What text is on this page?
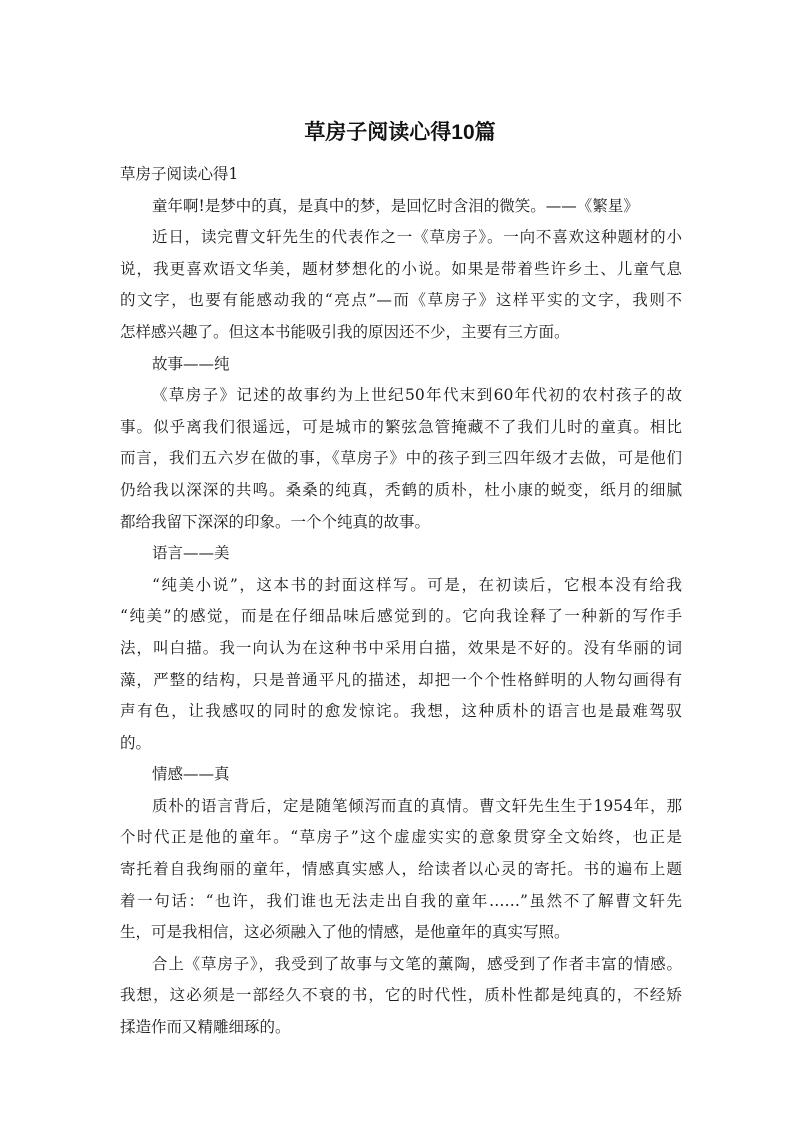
草房子阅读心得10篇
草房子阅读心得1
童年啊!是梦中的真，是真中的梦，是回忆时含泪的微笑。——《繁星》
近日，读完曹文轩先生的代表作之一《草房子》。一向不喜欢这种题材的小
说，我更喜欢语文华美，题材梦想化的小说。如果是带着些许乡土、儿童气息
的文字，也要有能感动我的“亮点”—而《草房子》这样平实的文字，我则不
怎样感兴趣了。但这本书能吸引我的原因还不少，主要有三方面。
故事——纯
《草房子》记述的故事约为上世纪50年代末到60年代初的农村孩子的故
事。似乎离我们很遥远，可是城市的繁弦急管掩藏不了我们儿时的童真。相比
而言，我们五六岁在做的事，《草房子》中的孩子到三四年级才去做，可是他们
仍给我以深深的共鸣。桑桑的纯真，秃鹤的质朴，杜小康的蜕变，纸月的细腻
都给我留下深深的印象。一个个纯真的故事。
语言——美
“纯美小说”，这本书的封面这样写。可是，在初读后，它根本没有给我
“纯美”的感觉，而是在仔细品味后感觉到的。它向我诠释了一种新的写作手
法，叫白描。我一向认为在这种书中采用白描，效果是不好的。没有华丽的词
藻，严整的结构，只是普通平凡的描述，却把一个个性格鲜明的人物勾画得有
声有色，让我感叹的同时的愈发惊诧。我想，这种质朴的语言也是最难驾驭
的。
情感——真
质朴的语言背后，定是随笔倾泻而直的真情。曹文轩先生生于1954年，那
个时代正是他的童年。“草房子”这个虚虚实实的意象贯穿全文始终，也正是
寄托着自我绚丽的童年，情感真实感人，给读者以心灵的寄托。书的遍布上题
着一句话：“也许，我们谁也无法走出自我的童年……”虽然不了解曹文轩先
生，可是我相信，这必须融入了他的情感，是他童年的真实写照。
合上《草房子》，我受到了故事与文笔的薰陶，感受到了作者丰富的情感。
我想，这必须是一部经久不衰的书，它的时代性，质朴性都是纯真的，不经矫
揉造作而又精雕细琢的。
